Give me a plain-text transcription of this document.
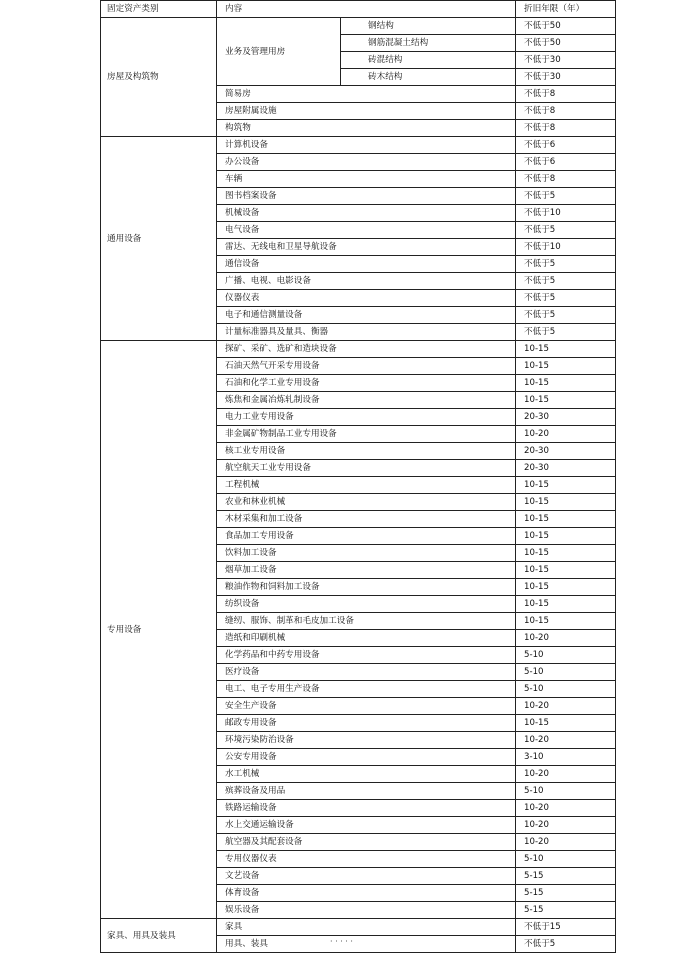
固定资产类别	内容		折旧年限（年）
房屋及构筑物	业务及管理用房	钢结构	不低于50
		钢筋混凝土结构	不低于50
		砖混结构	不低于30
		砖木结构	不低于30
	简易房		不低于8
	房屋附属设施		不低于8
	构筑物		不低于8
通用设备	计算机设备		不低于6
	办公设备		不低于6
	车辆		不低于8
	图书档案设备		不低于5
	机械设备		不低于10
	电气设备		不低于5
	雷达、无线电和卫星导航设备		不低于10
	通信设备		不低于5
	广播、电视、电影设备		不低于5
	仪器仪表		不低于5
	电子和通信测量设备		不低于5
	计量标准器具及量具、衡器		不低于5
专用设备	探矿、采矿、选矿和造块设备		10-15
	石油天然气开采专用设备		10-15
	石油和化学工业专用设备		10-15
	炼焦和金属冶炼轧制设备		10-15
	电力工业专用设备		20-30
	非金属矿物制品工业专用设备		10-20
	核工业专用设备		20-30
	航空航天工业专用设备		20-30
	工程机械		10-15
	农业和林业机械		10-15
	木材采集和加工设备		10-15
	食品加工专用设备		10-15
	饮料加工设备		10-15
	烟草加工设备		10-15
	粮油作物和饲料加工设备		10-15
	纺织设备		10-15
	缝纫、服饰、制革和毛皮加工设备		10-15
	造纸和印刷机械		10-20
	化学药品和中药专用设备		5-10
	医疗设备		5-10
	电工、电子专用生产设备		5-10
	安全生产设备		10-20
	邮政专用设备		10-15
	环境污染防治设备		10-20
	公安专用设备		3-10
	水工机械		10-20
	殡葬设备及用品		5-10
	铁路运输设备		10-20
	水上交通运输设备		10-20
	航空器及其配套设备		10-20
	专用仪器仪表		5-10
	文艺设备		5-15
	体育设备		5-15
	娱乐设备		5-15
家具、用具及装具	家具		不低于15
	用具、装具		不低于5
· · · · ·
